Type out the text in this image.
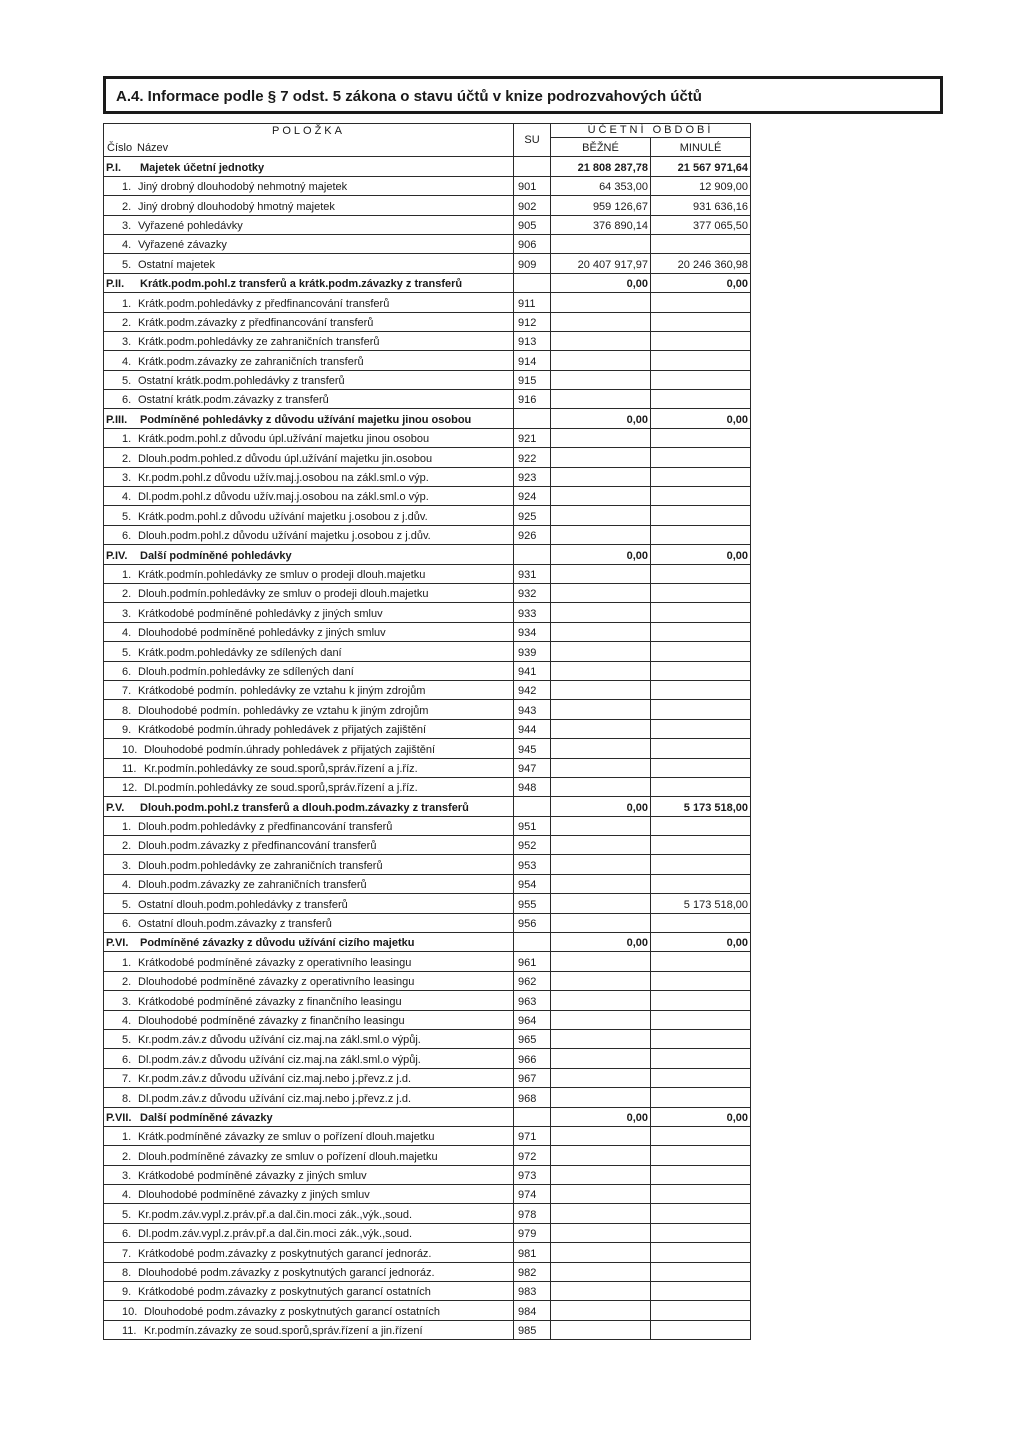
A.4. Informace podle § 7 odst. 5 zákona o stavu účtů v knize podrozvahových účtů
POLOŽKA	SU	ÚČETNÍ OBDOBÍ	
Číslo Název		BĚŽNÉ	MINULÉ
P.I. Majetek účetní jednotky		21 808 287,78	21 567 971,64
1. Jiný drobný dlouhodobý nehmotný majetek	901	64 353,00	12 909,00
2. Jiný drobný dlouhodobý hmotný majetek	902	959 126,67	931 636,16
3. Vyřazené pohledávky	905	376 890,14	377 065,50
4. Vyřazené závazky	906		
5. Ostatní majetek	909	20 407 917,97	20 246 360,98
P.II. Krátk.podm.pohl.z transferů a krátk.podm.závazky z transferů		0,00	0,00
1. Krátk.podm.pohledávky z předfinancování transferů	911		
2. Krátk.podm.závazky z předfinancování transferů	912		
3. Krátk.podm.pohledávky ze zahraničních transferů	913		
4. Krátk.podm.závazky ze zahraničních transferů	914		
5. Ostatní krátk.podm.pohledávky z transferů	915		
6. Ostatní krátk.podm.závazky z transferů	916		
P.III. Podmíněné pohledávky z důvodu užívání majetku jinou osobou		0,00	0,00
1. Krátk.podm.pohl.z důvodu úpl.užívání majetku jinou osobou	921		
2. Dlouh.podm.pohled.z důvodu úpl.užívání majetku jin.osobou	922		
3. Kr.podm.pohl.z důvodu užív.maj.j.osobou na zákl.sml.o výp.	923		
4. Dl.podm.pohl.z důvodu užív.maj.j.osobou na zákl.sml.o výp.	924		
5. Krátk.podm.pohl.z důvodu užívání majetku j.osobou z j.dův.	925		
6. Dlouh.podm.pohl.z důvodu užívání majetku j.osobou z j.dův.	926		
P.IV. Další podmíněné pohledávky		0,00	0,00
1. Krátk.podmín.pohledávky ze smluv o prodeji dlouh.majetku	931		
2. Dlouh.podmín.pohledávky ze smluv o prodeji dlouh.majetku	932		
3. Krátkodobé podmíněné pohledávky z jiných smluv	933		
4. Dlouhodobé podmíněné pohledávky z jiných smluv	934		
5. Krátk.podm.pohledávky ze sdílených daní	939		
6. Dlouh.podmín.pohledávky ze sdílených daní	941		
7. Krátkodobé podmín. pohledávky ze vztahu k jiným zdrojům	942		
8. Dlouhodobé podmín. pohledávky ze vztahu k jiným zdrojům	943		
9. Krátkodobé podmín.úhrady pohledávek z přijatých zajištění	944		
10. Dlouhodobé podmín.úhrady pohledávek z přijatých zajištění	945		
11. Kr.podmín.pohledávky ze soud.sporů,správ.řízení a j.říz.	947		
12. Dl.podmín.pohledávky ze soud.sporů,správ.řízení a j.říz.	948		
P.V. Dlouh.podm.pohl.z transferů a dlouh.podm.závazky z transferů		0,00	5 173 518,00
1. Dlouh.podm.pohledávky z předfinancování transferů	951		
2. Dlouh.podm.závazky z předfinancování transferů	952		
3. Dlouh.podm.pohledávky ze zahraničních transferů	953		
4. Dlouh.podm.závazky ze zahraničních transferů	954		
5. Ostatní dlouh.podm.pohledávky z transferů	955		5 173 518,00
6. Ostatní dlouh.podm.závazky z transferů	956		
P.VI. Podmíněné závazky z důvodu užívání cizího majetku		0,00	0,00
1. Krátkodobé podmíněné závazky z operativního leasingu	961		
2. Dlouhodobé podmíněné závazky z operativního leasingu	962		
3. Krátkodobé podmíněné závazky z finančního leasingu	963		
4. Dlouhodobé podmíněné závazky z finančního leasingu	964		
5. Kr.podm.záv.z důvodu užívání ciz.maj.na zákl.sml.o výpůj.	965		
6. Dl.podm.záv.z důvodu užívání ciz.maj.na zákl.sml.o výpůj.	966		
7. Kr.podm.záv.z důvodu užívání ciz.maj.nebo j.převz.z j.d.	967		
8. Dl.podm.záv.z důvodu užívání ciz.maj.nebo j.převz.z j.d.	968		
P.VII. Další podmíněné závazky		0,00	0,00
1. Krátk.podmíněné závazky ze smluv o pořízení dlouh.majetku	971		
2. Dlouh.podmíněné závazky ze smluv o pořízení dlouh.majetku	972		
3. Krátkodobé podmíněné závazky z jiných smluv	973		
4. Dlouhodobé podmíněné závazky z jiných smluv	974		
5. Kr.podm.záv.vypl.z.práv.př.a dal.čin.moci zák.,výk.,soud.	978		
6. Dl.podm.záv.vypl.z.práv.př.a dal.čin.moci zák.,výk.,soud.	979		
7. Krátkodobé podm.závazky z poskytnutých garancí jednoráz.	981		
8. Dlouhodobé podm.závazky z poskytnutých garancí jednoráz.	982		
9. Krátkodobé podm.závazky z poskytnutých garancí ostatních	983		
10. Dlouhodobé podm.závazky z poskytnutých garancí ostatních	984		
11. Kr.podmín.závazky ze soud.sporů,správ.řízení a jin.řízení	985		
